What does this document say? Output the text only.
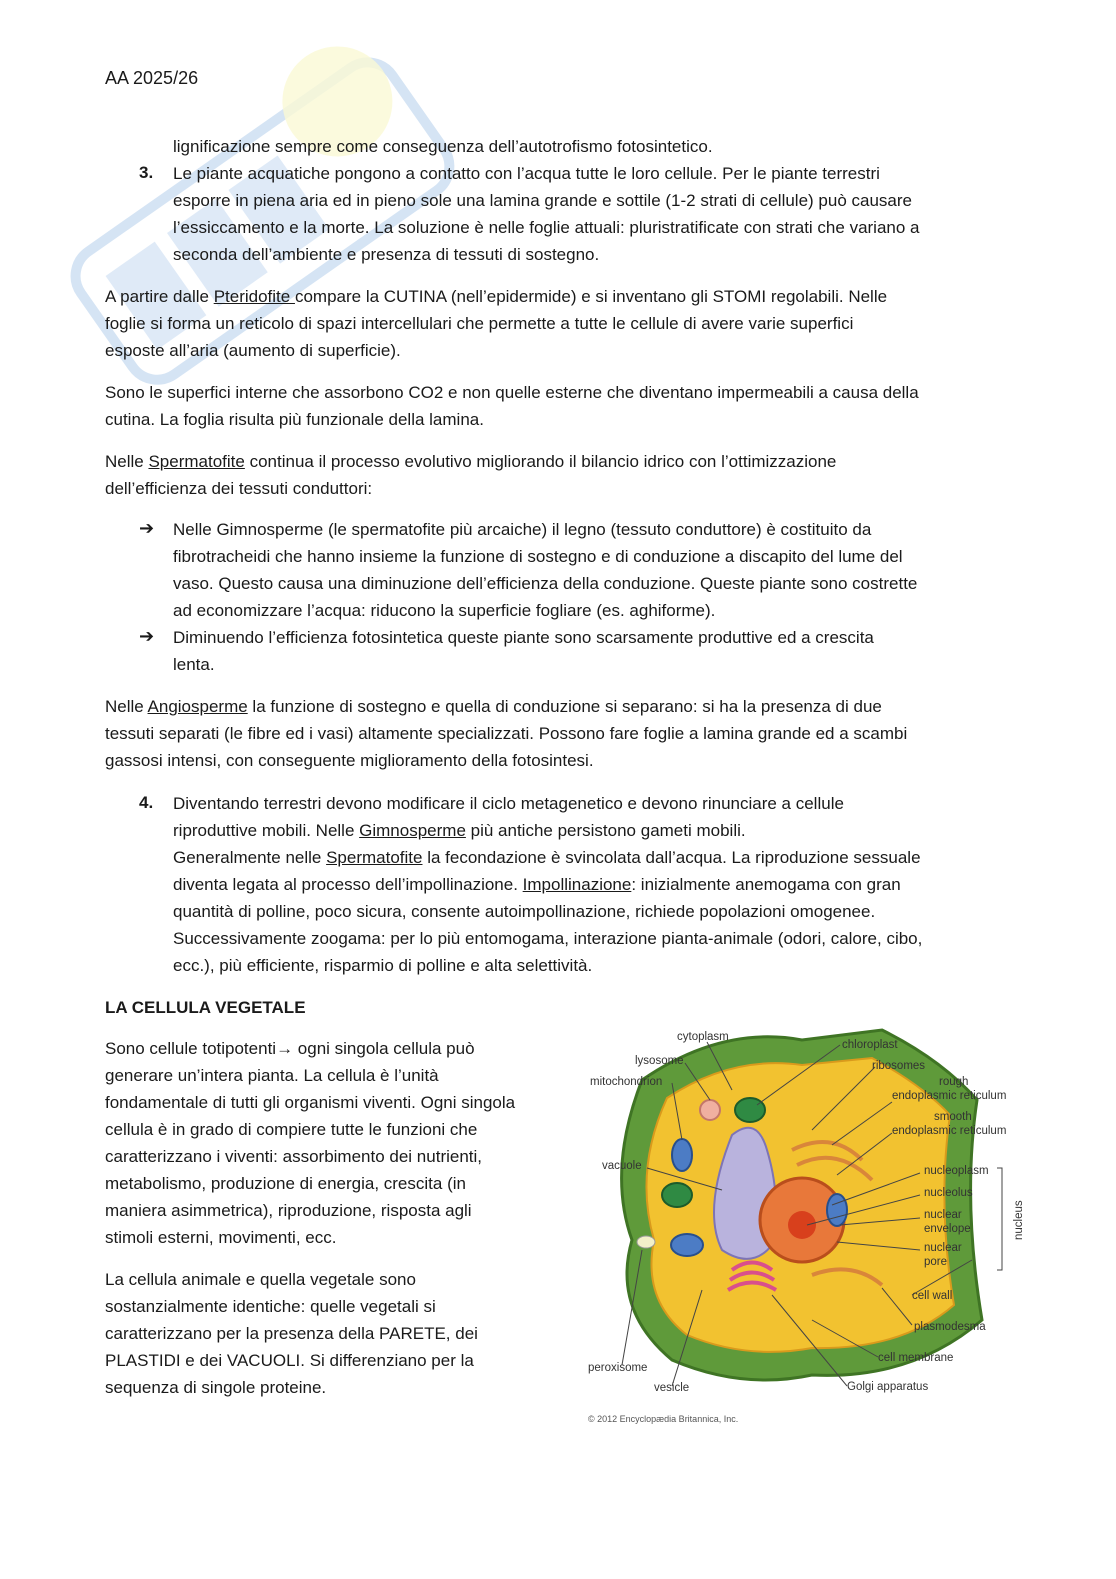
AA 2025/26
lignificazione sempre come conseguenza dell’autotrofismo fotosintetico.
3. Le piante acquatiche pongono a contatto con l’acqua tutte le loro cellule. Per le piante terrestri
esporre in piena aria ed in pieno sole una lamina grande e sottile (1-2 strati di cellule) può causare
l’essiccamento e la morte. La soluzione è nelle foglie attuali: pluristratificate con strati che variano a
seconda dell’ambiente e presenza di tessuti di sostegno.
A partire dalle Pteridofite compare la CUTINA (nell’epidermide) e si inventano gli STOMI regolabili. Nelle
foglie si forma un reticolo di spazi intercellulari che permette a tutte le cellule di avere varie superfici
esposte all’aria (aumento di superficie).
Sono le superfici interne che assorbono CO2 e non quelle esterne che diventano impermeabili a causa della
cutina. La foglia risulta più funzionale della lamina.
Nelle Spermatofite continua il processo evolutivo migliorando il bilancio idrico con l’ottimizzazione
dell’efficienza dei tessuti conduttori:
➔ Nelle Gimnosperme (le spermatofite più arcaiche) il legno (tessuto conduttore) è costituito da
fibrotracheidi che hanno insieme la funzione di sostegno e di conduzione a discapito del lume del
vaso. Questo causa una diminuzione dell’efficienza della conduzione. Queste piante sono costrette
ad economizzare l’acqua: riducono la superficie fogliare (es. aghiforme).
➔ Diminuendo l’efficienza fotosintetica queste piante sono scarsamente produttive ed a crescita
lenta.
Nelle Angiosperme la funzione di sostegno e quella di conduzione si separano: si ha la presenza di due
tessuti separati (le fibre ed i vasi) altamente specializzati. Possono fare foglie a lamina grande ed a scambi
gassosi intensi, con conseguente miglioramento della fotosintesi.
4. Diventando terrestri devono modificare il ciclo metagenetico e devono rinunciare a cellule
riproduttive mobili. Nelle Gimnosperme più antiche persistono gameti mobili.
Generalmente nelle Spermatofite la fecondazione è svincolata dall’acqua. La riproduzione sessuale
diventa legata al processo dell’impollinazione. Impollinazione: inizialmente anemogama con gran
quantità di polline, poco sicura, consente autoimpollinazione, richiede popolazioni omogenee.
Successivamente zoogama: per lo più entomogama, interazione pianta-animale (odori, calore, cibo,
ecc.), più efficiente, risparmio di polline e alta selettività.
LA CELLULA VEGETALE
Sono cellule totipotenti→ ogni singola cellula può
generare un’intera pianta. La cellula è l’unità
fondamentale di tutti gli organismi viventi. Ogni singola
cellula è in grado di compiere tutte le funzioni che
caratterizzano i viventi: assorbimento dei nutrienti,
metabolismo, produzione di energia, crescita (in
maniera asimmetrica), riproduzione, risposta agli
stimoli esterni, movimenti, ecc.
La cellula animale e quella vegetale sono
sostanzialmente identiche: quelle vegetali si
caratterizzano per la presenza della PARETE, dei
PLASTIDI e dei VACUOLI. Si differenziano per la
sequenza di singole proteine.
cytoplasm
lysosome
mitochondrion
vacuole
chloroplast
ribosomes
rough
endoplasmic reticulum
smooth
endoplasmic reticulum
nucleoplasm
nucleolus
nuclear
envelope
nuclear
pore
nucleus
cell wall
plasmodesma
cell membrane
Golgi apparatus
vesicle
peroxisome
© 2012 Encyclopædia Britannica, Inc.
